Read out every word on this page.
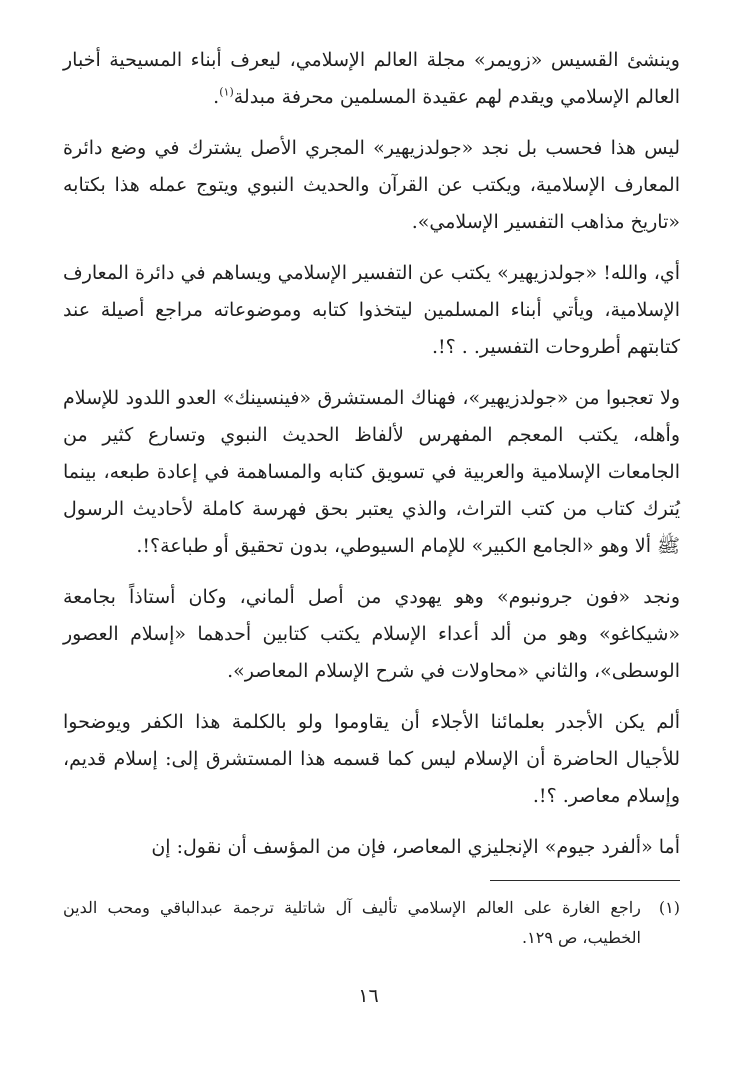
وينشئ القسيس «زويمر» مجلة العالم الإسلامي، ليعرف أبناء المسيحية أخبار العالم الإسلامي ويقدم لهم عقيدة المسلمين محرفة مبدلة$^{(١)}$.

ليس هذا فحسب بل نجد «جولدزيهير» المجري الأصل يشترك في وضع دائرة المعارف الإسلامية، ويكتب عن القرآن والحديث النبوي ويتوج عمله هذا بكتابه «تاريخ مذاهب التفسير الإسلامي».

أي، والله! «جولدزيهير» يكتب عن التفسير الإسلامي ويساهم في دائرة المعارف الإسلامية، ويأتي أبناء المسلمين ليتخذوا كتابه وموضوعاته مراجع أصيلة عند كتابتهم أطروحات التفسير. . ؟!.

ولا تعجبوا من «جولدزيهير»، فهناك المستشرق «فينسينك» العدو اللدود للإسلام وأهله، يكتب المعجم المفهرس لألفاظ الحديث النبوي وتسارع كثير من الجامعات الإسلامية والعربية في تسويق كتابه والمساهمة في إعادة طبعه، بينما يُترك كتاب من كتب التراث، والذي يعتبر بحق فهرسة كاملة لأحاديث الرسول ﷺ ألا وهو «الجامع الكبير» للإمام السيوطي، بدون تحقيق أو طباعة؟!.

ونجد «فون جرونبوم» وهو يهودي من أصل ألماني، وكان أستاذاً بجامعة «شيكاغو» وهو من ألد أعداء الإسلام يكتب كتابين أحدهما «إسلام العصور الوسطى»، والثاني «محاولات في شرح الإسلام المعاصر».

ألم يكن الأجدر بعلمائنا الأجلاء أن يقاوموا ولو بالكلمة هذا الكفر ويوضحوا للأجيال الحاضرة أن الإسلام ليس كما قسمه هذا المستشرق إلى: إسلام قديم، وإسلام معاصر. ؟!.

أما «ألفرد جيوم» الإنجليزي المعاصر، فإن من المؤسف أن نقول: إن

(١)
راجع الغارة على العالم الإسلامي تأليف آل شاتلية ترجمة عبدالباقي ومحب الدين الخطيب، ص ١٢٩.
١٦
